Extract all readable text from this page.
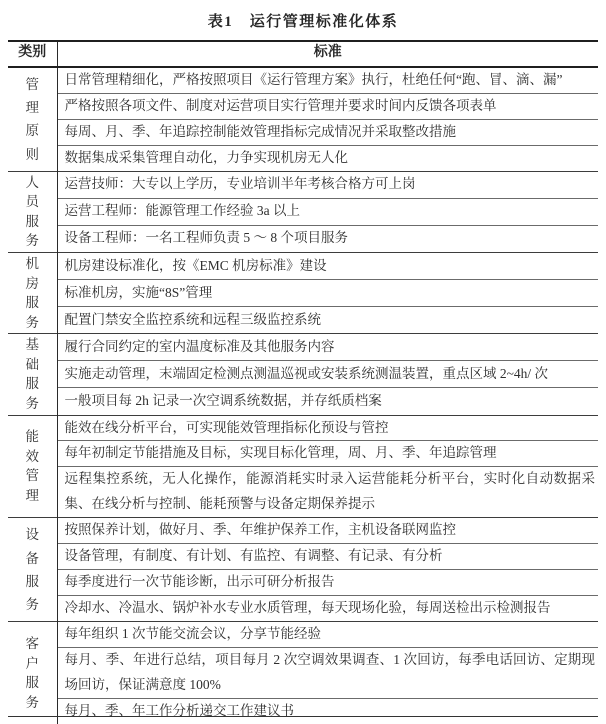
表1　运行管理标准化体系
类别	标准

管理原则	日常管理精细化，严格按照项目《运行管理方案》执行，杜绝任何“跑、冒、滴、漏”
	严格按照各项文件、制度对运营项目实行管理并要求时间内反馈各项表单
	每周、月、季、年追踪控制能效管理指标完成情况并采取整改措施
	数据集成采集管理自动化，力争实现机房无人化

人员服务	运营技师：大专以上学历，专业培训半年考核合格方可上岗
	运营工程师：能源管理工作经验 3a 以上
	设备工程师：一名工程师负责 5 ～ 8 个项目服务

机房服务	机房建设标准化，按《EMC 机房标准》建设
	标准机房，实施“8S”管理
	配置门禁安全监控系统和远程三级监控系统

基础服务	履行合同约定的室内温度标准及其他服务内容
	实施走动管理，末端固定检测点测温巡视或安装系统测温装置，重点区域 2~4h/ 次
	一般项目每 2h 记录一次空调系统数据，并存纸质档案

能效管理	能效在线分析平台，可实现能效管理指标化预设与管控
	每年初制定节能措施及目标，实现目标化管理，周、月、季、年追踪管理
	远程集控系统，无人化操作，能源消耗实时录入运营能耗分析平台，实时化自动数据采集、在线分析与控制、能耗预警与设备定期保养提示

设备服务	按照保养计划，做好月、季、年维护保养工作，主机设备联网监控
	设备管理，有制度、有计划、有监控、有调整、有记录、有分析
	每季度进行一次节能诊断，出示可研分析报告
	冷却水、冷温水、锅炉补水专业水质管理，每天现场化验，每周送检出示检测报告

客户服务	每年组织 1 次节能交流会议，分享节能经验
	每月、季、年进行总结，项目每月 2 次空调效果调查、1 次回访，每季电话回访、定期现场回访，保证满意度 100%
	每月、季、年工作分析递交工作建议书
